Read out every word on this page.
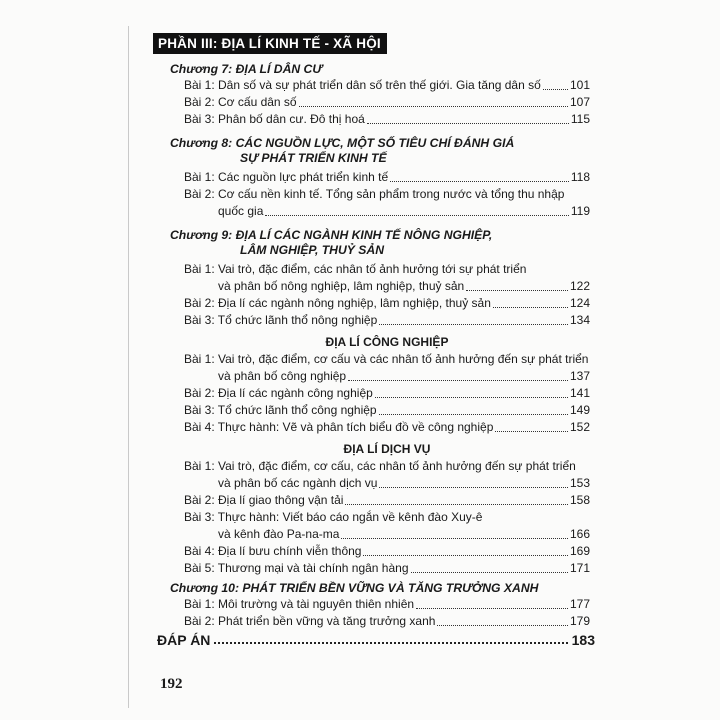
PHẦN III: ĐỊA LÍ KINH TẾ - XÃ HỘI
Chương 7: ĐỊA LÍ DÂN CƯ
Bài 1: Dân số và sự phát triển dân số trên thế giới. Gia tăng dân số 101
Bài 2: Cơ cấu dân số	107
Bài 3: Phân bố dân cư. Đô thị hoá	115
Chương 8: CÁC NGUỒN LỰC, MỘT SỐ TIÊU CHÍ ĐÁNH GIÁ
SỰ PHÁT TRIỂN KINH TẾ
Bài 1: Các nguồn lực phát triển kinh tế	118
Bài 2: Cơ cấu nền kinh tế. Tổng sản phẩm trong nước và tổng thu nhập
quốc gia	119
Chương 9: ĐỊA LÍ CÁC NGÀNH KINH TẾ NÔNG NGHIỆP,
LÂM NGHIỆP, THUỶ SẢN
Bài 1: Vai trò, đặc điểm, các nhân tố ảnh hưởng tới sự phát triển
và phân bố nông nghiệp, lâm nghiệp, thuỷ sản	122
Bài 2: Địa lí các ngành nông nghiệp, lâm nghiệp, thuỷ sản	124
Bài 3: Tổ chức lãnh thổ nông nghiệp	134
ĐỊA LÍ CÔNG NGHIỆP
Bài 1: Vai trò, đặc điểm, cơ cấu và các nhân tố ảnh hưởng đến sự phát triển
và phân bố công nghiệp	137
Bài 2: Địa lí các ngành công nghiệp	141
Bài 3: Tổ chức lãnh thổ công nghiệp	149
Bài 4: Thực hành: Vẽ và phân tích biểu đồ về công nghiệp	152
ĐỊA LÍ DỊCH VỤ
Bài 1: Vai trò, đặc điểm, cơ cấu, các nhân tố ảnh hưởng đến sự phát triển
và phân bố các ngành dịch vụ	153
Bài 2: Địa lí giao thông vận tải	158
Bài 3: Thực hành: Viết báo cáo ngắn về kênh đào Xuy-ê
và kênh đào Pa-na-ma	166
Bài 4: Địa lí bưu chính viễn thông	169
Bài 5: Thương mại và tài chính ngân hàng	171
Chương 10: PHÁT TRIỂN BỀN VỮNG VÀ TĂNG TRƯỞNG XANH
Bài 1: Môi trường và tài nguyên thiên nhiên	177
Bài 2: Phát triển bền vững và tăng trưởng xanh	179
ĐÁP ÁN	183
192
